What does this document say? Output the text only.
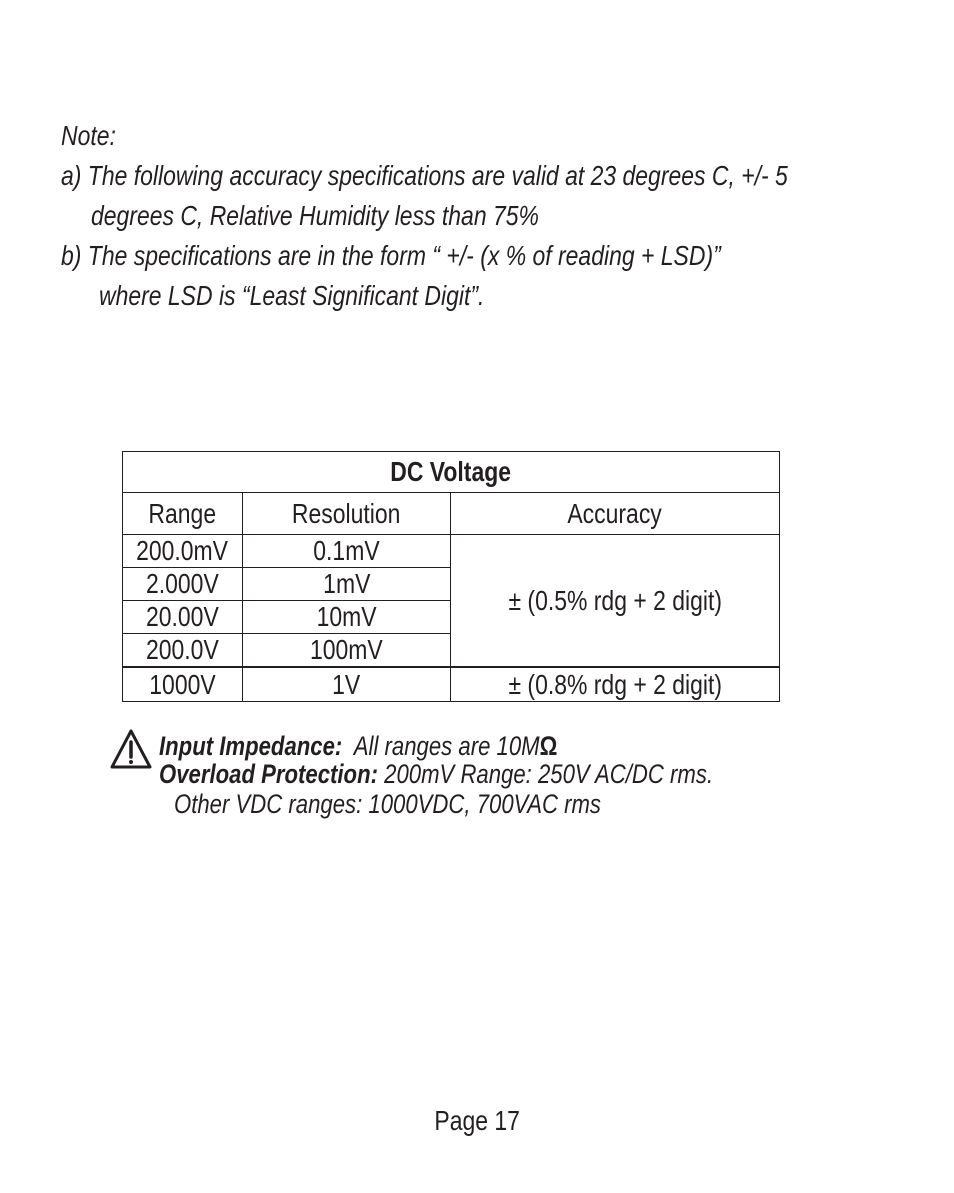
Note:
a) The following accuracy specifications are valid at 23 degrees C, +/- 5
degrees C, Relative Humidity less than 75%
b) The specifications are in the form “ +/- (x % of reading + LSD)”
where LSD is “Least Significant Digit”.
DC Voltage		
Range	Resolution	Accuracy
200.0mV	0.1mV	± (0.5% rdg + 2 digit)
2.000V	1mV	
20.00V	10mV	
200.0V	100mV	
1000V	1V	± (0.8% rdg + 2 digit)
Input Impedance: All ranges are 10MΩ
Overload Protection: 200mV Range: 250V AC/DC rms.
Other VDC ranges: 1000VDC, 700VAC rms
Page 17
